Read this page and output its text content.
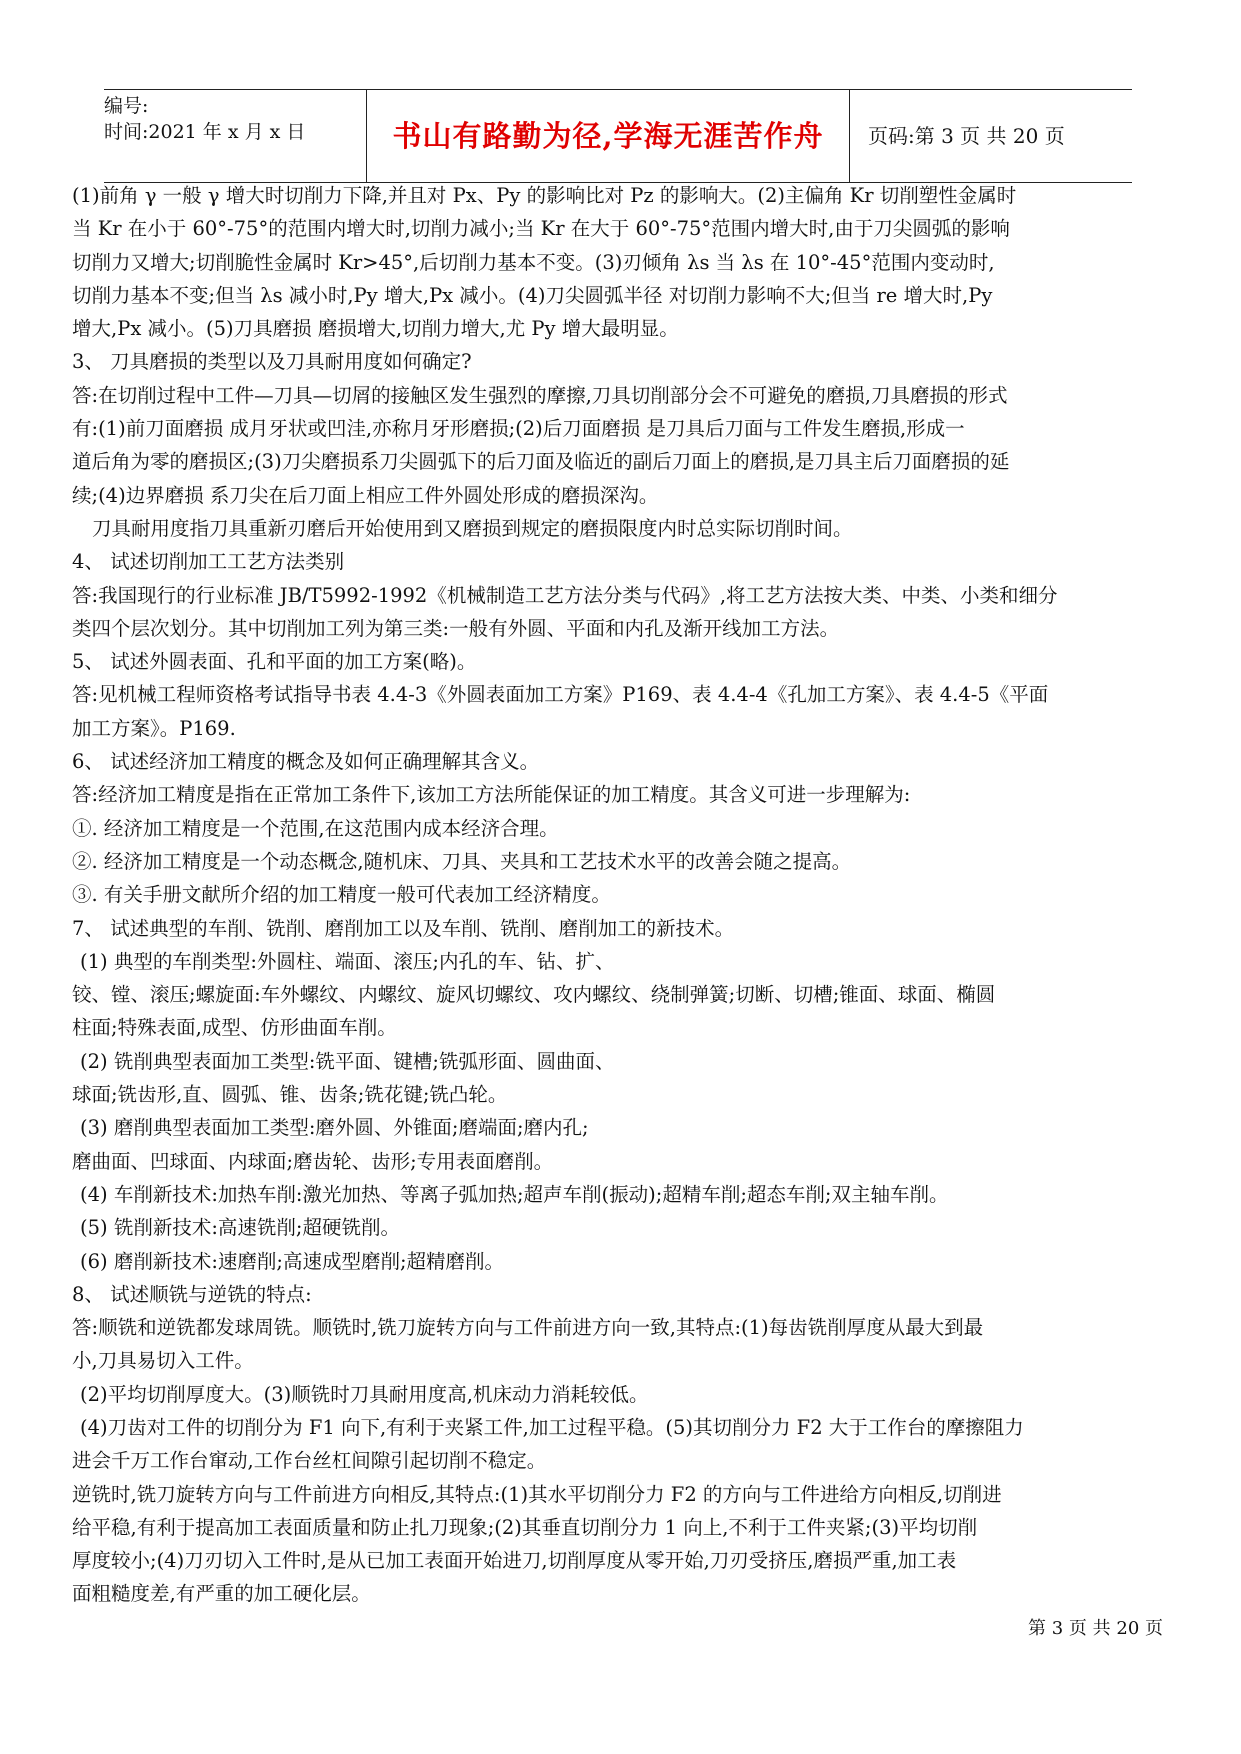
编号:
时间:2021 年 x 月 x 日	书山有路勤为径,学海无涯苦作舟	页码:第 3 页 共 20 页

(1)前角 γ 一般 γ 增大时切削力下降,并且对 Px、Py 的影响比对 Pz 的影响大。(2)主偏角 Kr 切削塑性金属时

当 Kr 在小于 60°-75°的范围内增大时,切削力减小;当 Kr 在大于 60°-75°范围内增大时,由于刀尖圆弧的影响

切削力又增大;切削脆性金属时 Kr>45°,后切削力基本不变。(3)刃倾角 λs 当 λs 在 10°-45°范围内变动时,

切削力基本不变;但当 λs 减小时,Py 增大,Px 减小。(4)刀尖圆弧半径 对切削力影响不大;但当 re 增大时,Py

增大,Px 减小。(5)刀具磨损 磨损增大,切削力增大,尤 Py 增大最明显。

3、 刀具磨损的类型以及刀具耐用度如何确定?

答:在切削过程中工件—刀具—切屑的接触区发生强烈的摩擦,刀具切削部分会不可避免的磨损,刀具磨损的形式

有:(1)前刀面磨损 成月牙状或凹洼,亦称月牙形磨损;(2)后刀面磨损 是刀具后刀面与工件发生磨损,形成一

道后角为零的磨损区;(3)刀尖磨损系刀尖圆弧下的后刀面及临近的副后刀面上的磨损,是刀具主后刀面磨损的延

续;(4)边界磨损 系刀尖在后刀面上相应工件外圆处形成的磨损深沟。

刀具耐用度指刀具重新刃磨后开始使用到又磨损到规定的磨损限度内时总实际切削时间。

4、 试述切削加工工艺方法类别

答:我国现行的行业标准 JB/T5992-1992《机械制造工艺方法分类与代码》,将工艺方法按大类、中类、小类和细分

类四个层次划分。其中切削加工列为第三类:一般有外圆、平面和内孔及渐开线加工方法。

5、 试述外圆表面、孔和平面的加工方案(略)。

答:见机械工程师资格考试指导书表 4.4-3《外圆表面加工方案》P169、表 4.4-4《孔加工方案》、表 4.4-5《平面

加工方案》。P169.

6、 试述经济加工精度的概念及如何正确理解其含义。

答:经济加工精度是指在正常加工条件下,该加工方法所能保证的加工精度。其含义可进一步理解为:

①. 经济加工精度是一个范围,在这范围内成本经济合理。

②. 经济加工精度是一个动态概念,随机床、刀具、夹具和工艺技术水平的改善会随之提高。

③. 有关手册文献所介绍的加工精度一般可代表加工经济精度。

7、 试述典型的车削、铣削、磨削加工以及车削、铣削、磨削加工的新技术。

(1) 典型的车削类型:外圆柱、端面、滚压;内孔的车、钻、扩、

铰、镗、滚压;螺旋面:车外螺纹、内螺纹、旋风切螺纹、攻内螺纹、绕制弹簧;切断、切槽;锥面、球面、椭圆

柱面;特殊表面,成型、仿形曲面车削。

(2) 铣削典型表面加工类型:铣平面、键槽;铣弧形面、圆曲面、

球面;铣齿形,直、圆弧、锥、齿条;铣花键;铣凸轮。

(3) 磨削典型表面加工类型:磨外圆、外锥面;磨端面;磨内孔;

磨曲面、凹球面、内球面;磨齿轮、齿形;专用表面磨削。

(4) 车削新技术:加热车削:激光加热、等离子弧加热;超声车削(振动);超精车削;超态车削;双主轴车削。

(5) 铣削新技术:高速铣削;超硬铣削。

(6) 磨削新技术:速磨削;高速成型磨削;超精磨削。

8、 试述顺铣与逆铣的特点:

答:顺铣和逆铣都发球周铣。顺铣时,铣刀旋转方向与工件前进方向一致,其特点:(1)每齿铣削厚度从最大到最

小,刀具易切入工件。

(2)平均切削厚度大。(3)顺铣时刀具耐用度高,机床动力消耗较低。

(4)刀齿对工件的切削分为 F1 向下,有利于夹紧工件,加工过程平稳。(5)其切削分力 F2 大于工作台的摩擦阻力

进会千万工作台窜动,工作台丝杠间隙引起切削不稳定。

逆铣时,铣刀旋转方向与工件前进方向相反,其特点:(1)其水平切削分力 F2 的方向与工件进给方向相反,切削进

给平稳,有利于提高加工表面质量和防止扎刀现象;(2)其垂直切削分力 1 向上,不利于工件夹紧;(3)平均切削

厚度较小;(4)刀刃切入工件时,是从已加工表面开始进刀,切削厚度从零开始,刀刃受挤压,磨损严重,加工表

面粗糙度差,有严重的加工硬化层。

第 3 页 共 20 页
